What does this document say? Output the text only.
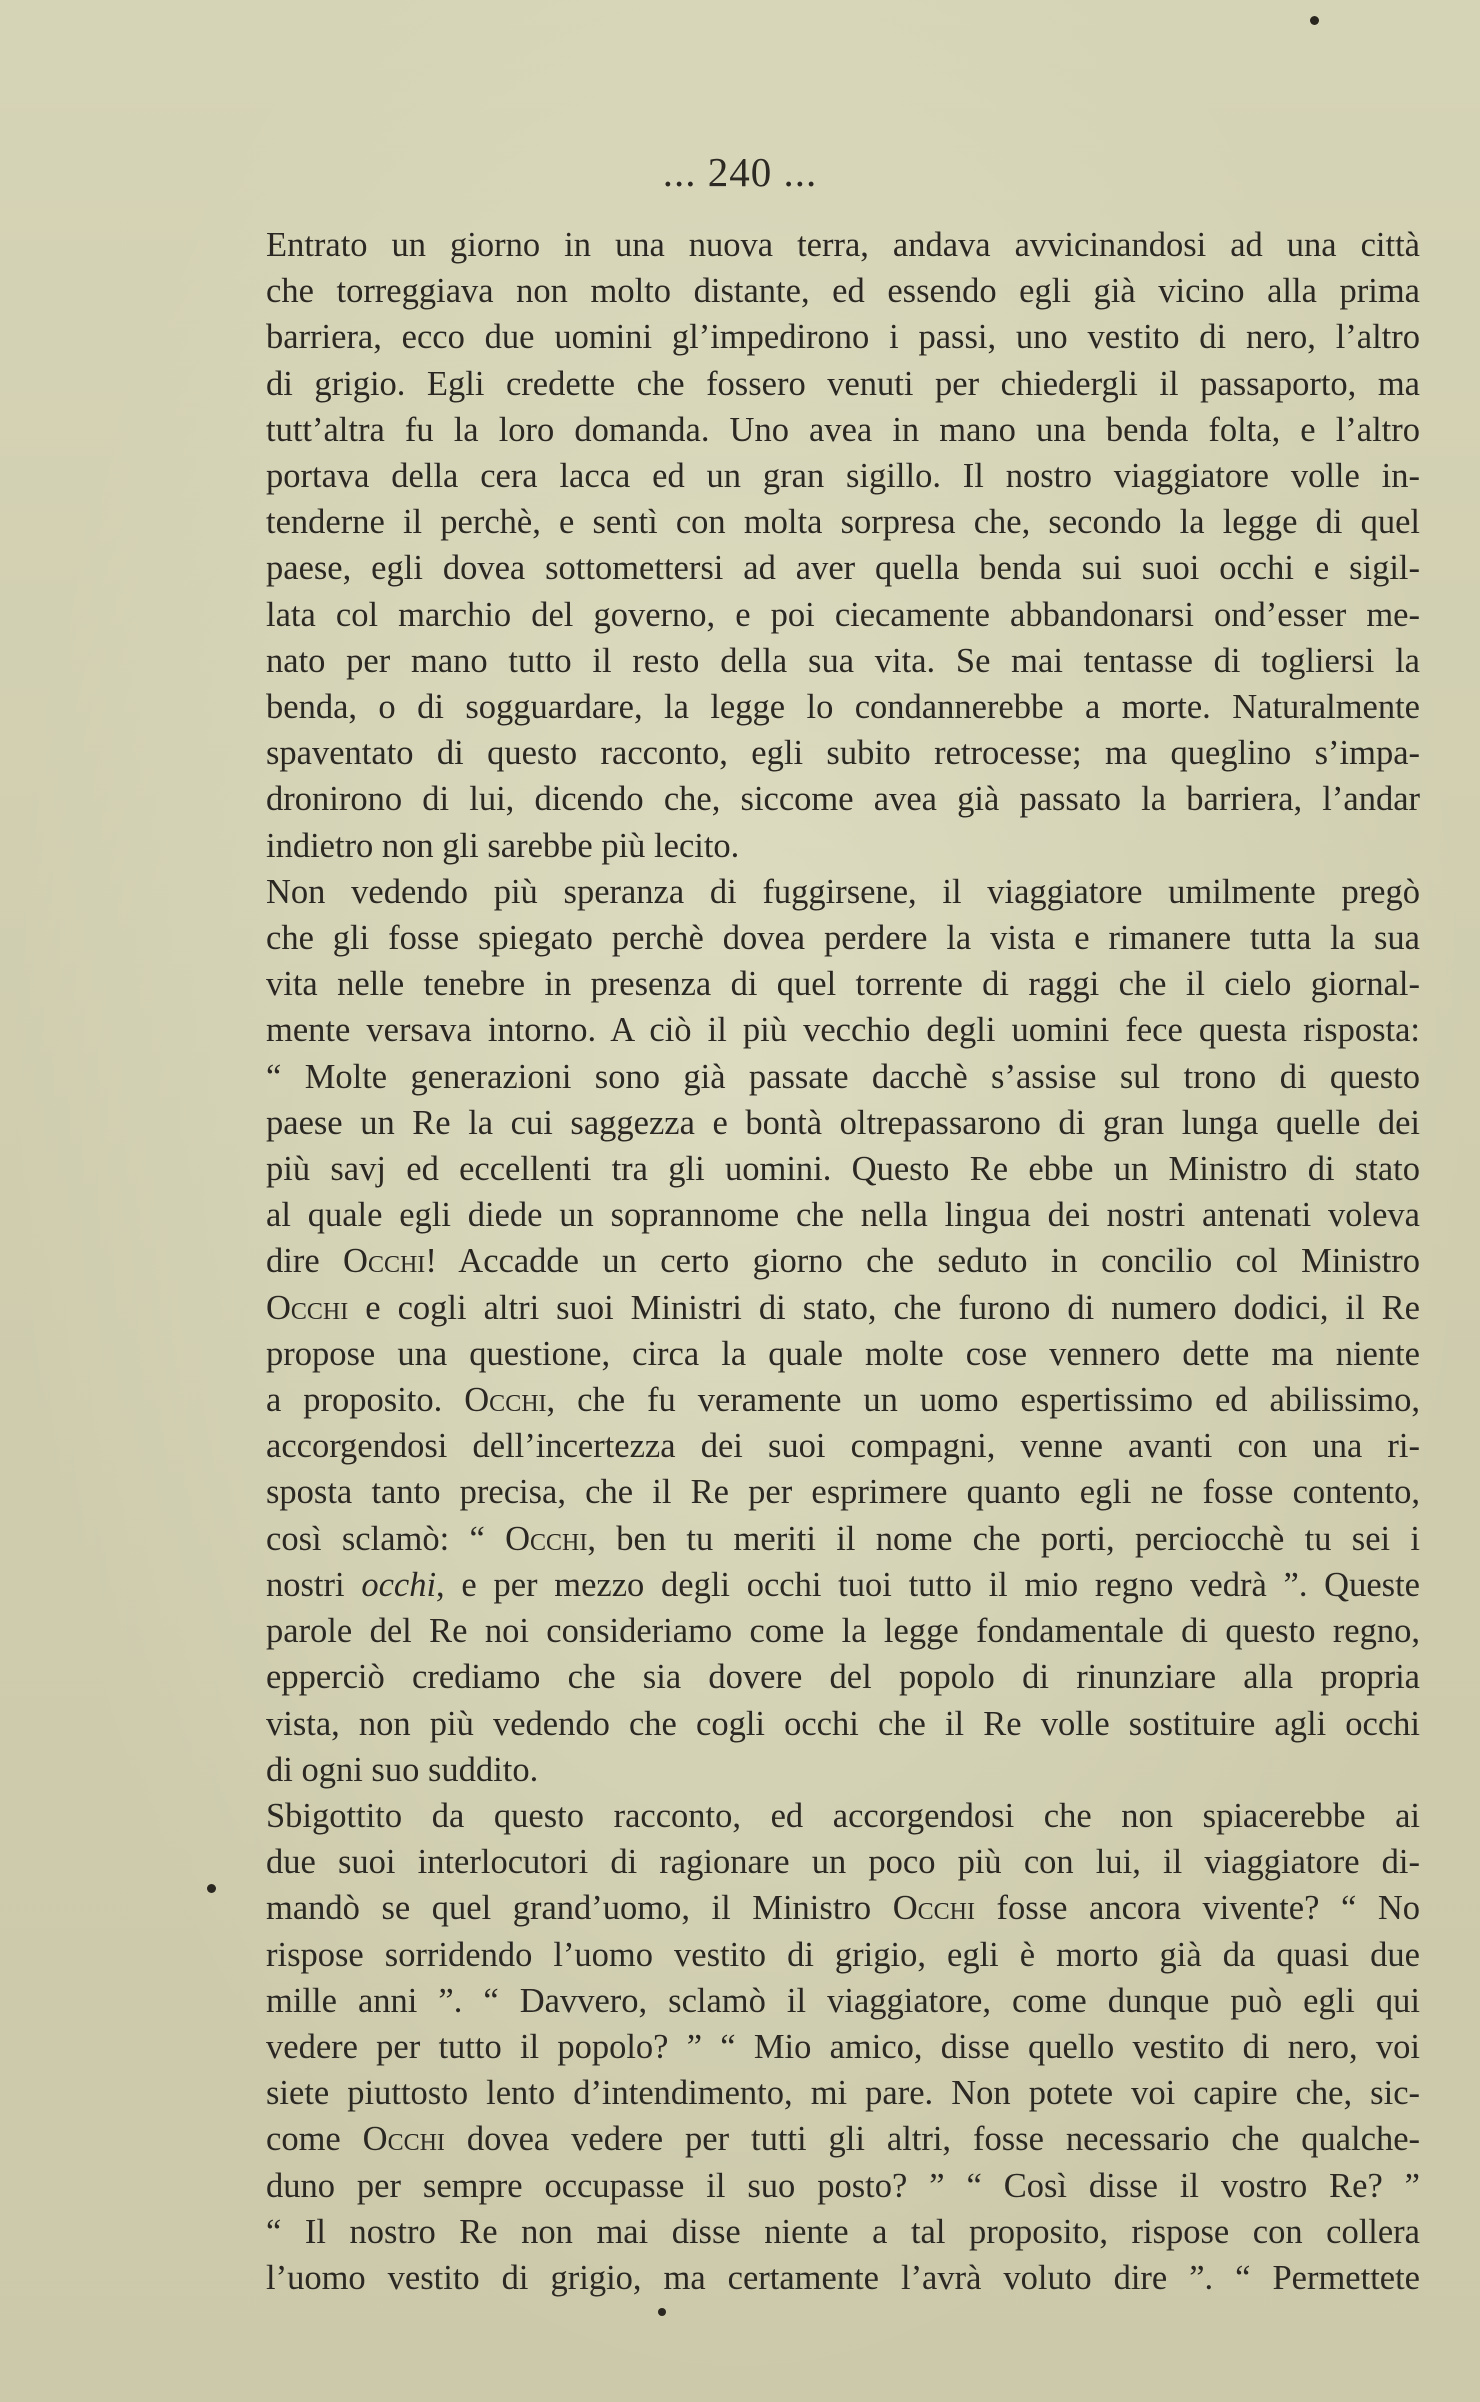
... 240 ...

Entrato un giorno in una nuova terra, andava avvicinandosi ad una città
che torreggiava non molto distante, ed essendo egli già vicino alla prima
barriera, ecco due uomini gl’impedirono i passi, uno vestito di nero, l’altro
di grigio. Egli credette che fossero venuti per chiedergli il passaporto, ma
tutt’altra fu la loro domanda. Uno avea in mano una benda folta, e l’altro
portava della cera lacca ed un gran sigillo. Il nostro viaggiatore volle in-
tenderne il perchè, e sentì con molta sorpresa che, secondo la legge di quel
paese, egli dovea sottomettersi ad aver quella benda sui suoi occhi e sigil-
lata col marchio del governo, e poi ciecamente abbandonarsi ond’esser me-
nato per mano tutto il resto della sua vita. Se mai tentasse di togliersi la
benda, o di sogguardare, la legge lo condannerebbe a morte. Naturalmente
spaventato di questo racconto, egli subito retrocesse; ma queglino s’impa-
dronirono di lui, dicendo che, siccome avea già passato la barriera, l’andar
indietro non gli sarebbe più lecito.

Non vedendo più speranza di fuggirsene, il viaggiatore umilmente pregò
che gli fosse spiegato perchè dovea perdere la vista e rimanere tutta la sua
vita nelle tenebre in presenza di quel torrente di raggi che il cielo giornal-
mente versava intorno. A ciò il più vecchio degli uomini fece questa risposta:
“ Molte generazioni sono già passate dacchè s’assise sul trono di questo
paese un Re la cui saggezza e bontà oltrepassarono di gran lunga quelle dei
più savj ed eccellenti tra gli uomini. Questo Re ebbe un Ministro di stato
al quale egli diede un soprannome che nella lingua dei nostri antenati voleva
dire Occhi! Accadde un certo giorno che seduto in concilio col Ministro
Occhi e cogli altri suoi Ministri di stato, che furono di numero dodici, il Re
propose una questione, circa la quale molte cose vennero dette ma niente
a proposito. Occhi, che fu veramente un uomo espertissimo ed abilissimo,
accorgendosi dell’incertezza dei suoi compagni, venne avanti con una ri-
sposta tanto precisa, che il Re per esprimere quanto egli ne fosse contento,
così sclamò: “ Occhi, ben tu meriti il nome che porti, perciocchè tu sei i
nostri occhi, e per mezzo degli occhi tuoi tutto il mio regno vedrà ”. Queste
parole del Re noi consideriamo come la legge fondamentale di questo regno,
epperciò crediamo che sia dovere del popolo di rinunziare alla propria
vista, non più vedendo che cogli occhi che il Re volle sostituire agli occhi
di ogni suo suddito.

Sbigottito da questo racconto, ed accorgendosi che non spiacerebbe ai
due suoi interlocutori di ragionare un poco più con lui, il viaggiatore di-
mandò se quel grand’uomo, il Ministro Occhi fosse ancora vivente? “ No
rispose sorridendo l’uomo vestito di grigio, egli è morto già da quasi due
mille anni ”. “ Davvero, sclamò il viaggiatore, come dunque può egli qui
vedere per tutto il popolo? ” “ Mio amico, disse quello vestito di nero, voi
siete piuttosto lento d’intendimento, mi pare. Non potete voi capire che, sic-
come Occhi dovea vedere per tutti gli altri, fosse necessario che qualche-
duno per sempre occupasse il suo posto? ” “ Così disse il vostro Re? ”
“ Il nostro Re non mai disse niente a tal proposito, rispose con collera
l’uomo vestito di grigio, ma certamente l’avrà voluto dire ”. “ Permettete
